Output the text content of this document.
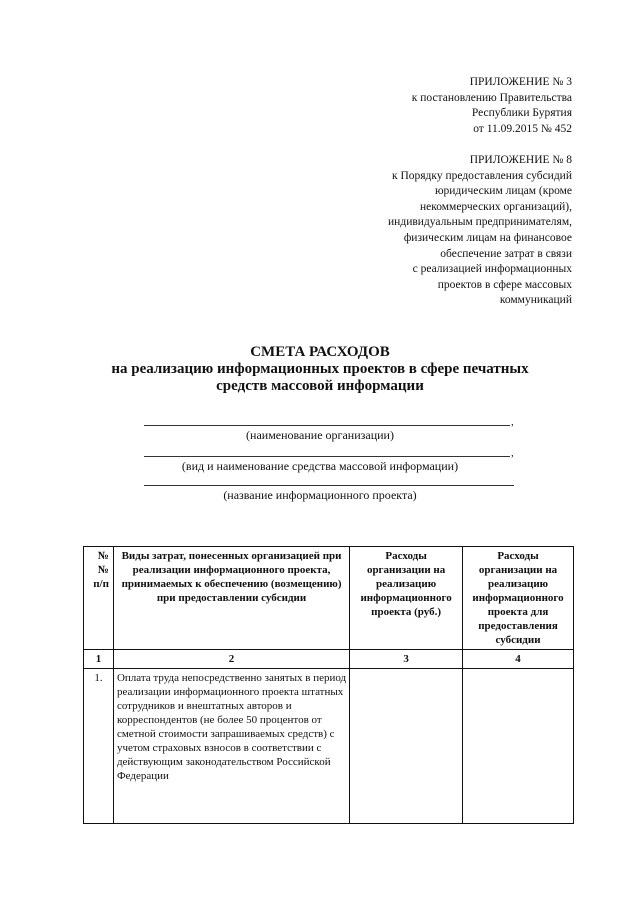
ПРИЛОЖЕНИЕ № 3
к постановлению Правительства
Республики Бурятия
от 11.09.2015 № 452
ПРИЛОЖЕНИЕ № 8
к Порядку предоставления субсидий
юридическим лицам (кроме
некоммерческих организаций),
индивидуальным предпринимателям,
физическим лицам на финансовое
обеспечение затрат в связи
с реализацией информационных
проектов в сфере массовых
коммуникаций
СМЕТА РАСХОДОВ
на реализацию информационных проектов в сфере печатных
средств массовой информации
,
(наименование организации)
,
(вид и наименование средства массовой информации)
(название информационного проекта)
№№ п/п	Виды затрат, понесенных организацией при реализации информационного проекта, принимаемых к обеспечению (возмещению) при предоставлении субсидии	Расходы организации на реализацию информационного проекта (руб.)	Расходы организации на реализацию информационного проекта для предоставления субсидии
1	2	3	4
1.	Оплата труда непосредственно занятых в период реализации информационного проекта штатных сотрудников и внештатных авторов и корреспондентов (не более 50 процентов от сметной стоимости запрашиваемых средств) с учетом страховых взносов в соответствии с действующим законодательством Российской Федерации		
